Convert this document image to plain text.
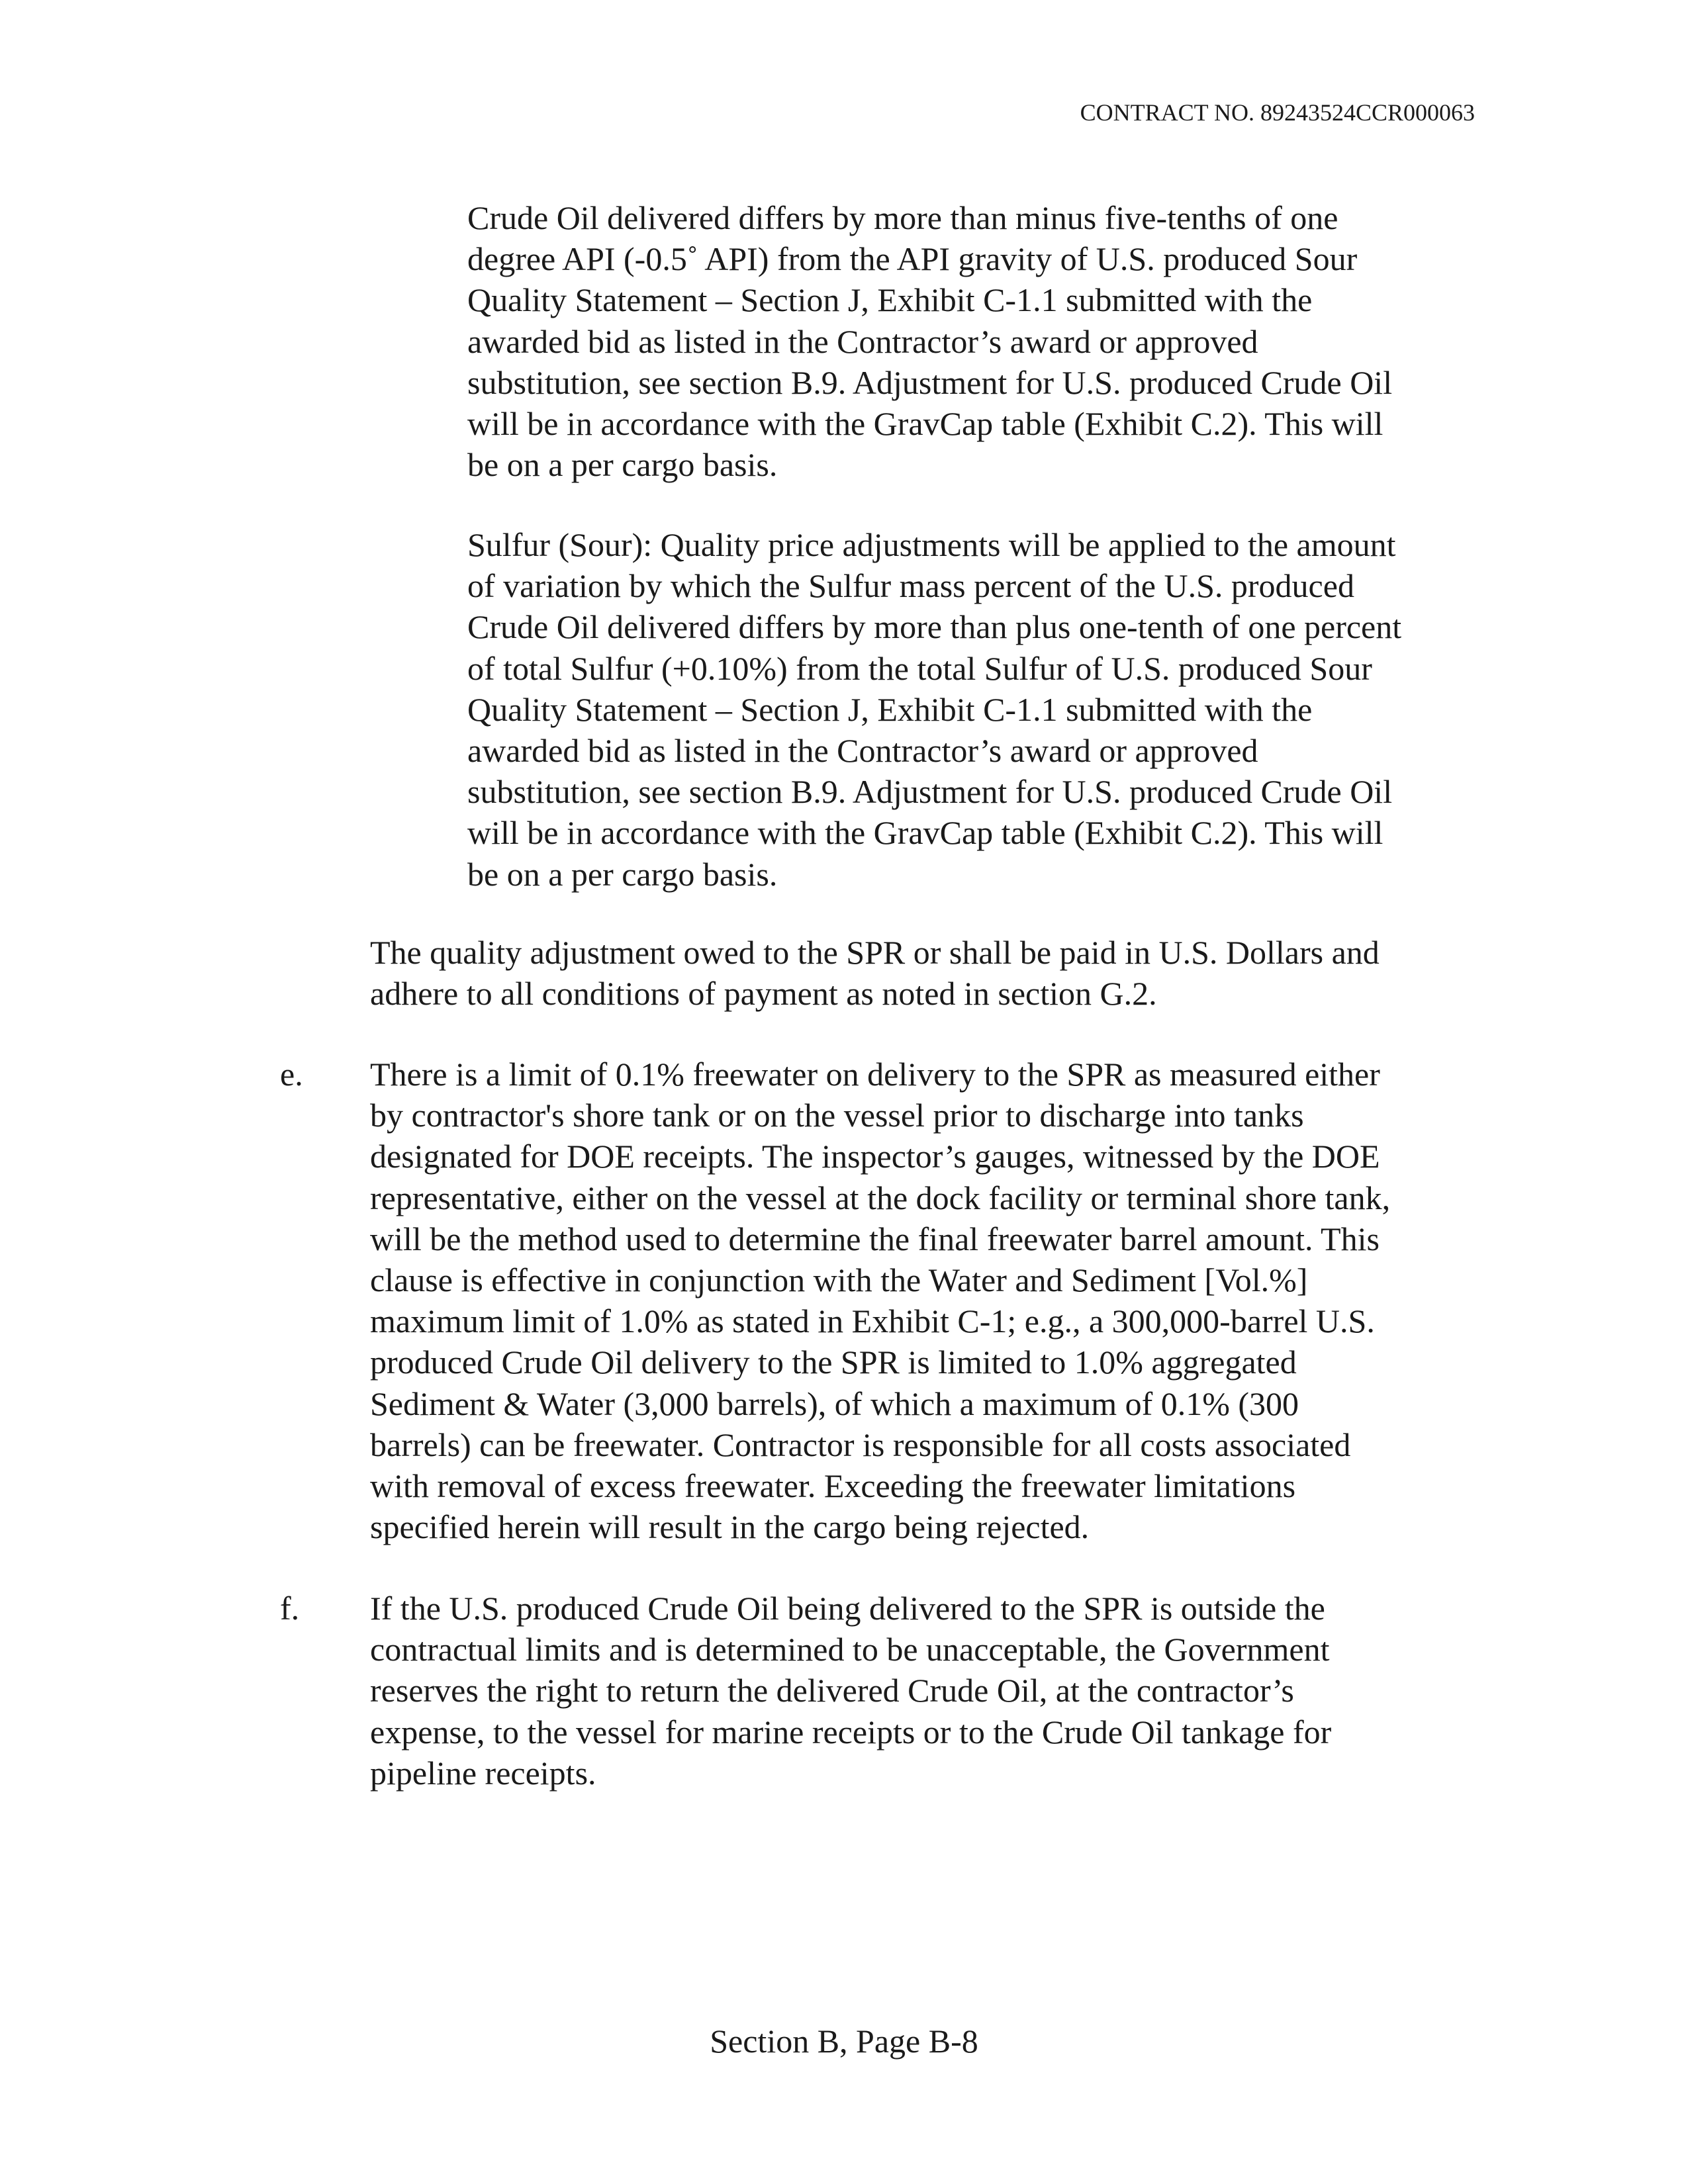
CONTRACT NO. 89243524CCR000063

Crude Oil delivered differs by more than minus five-tenths of one
degree API (-0.5˚ API) from the API gravity of U.S. produced Sour
Quality Statement – Section J, Exhibit C-1.1 submitted with the
awarded bid as listed in the Contractor’s award or approved
substitution, see section B.9. Adjustment for U.S. produced Crude Oil
will be in accordance with the GravCap table (Exhibit C.2). This will
be on a per cargo basis.

Sulfur (Sour): Quality price adjustments will be applied to the amount
of variation by which the Sulfur mass percent of the U.S. produced
Crude Oil delivered differs by more than plus one-tenth of one percent
of total Sulfur (+0.10%) from the total Sulfur of U.S. produced Sour
Quality Statement – Section J, Exhibit C-1.1 submitted with the
awarded bid as listed in the Contractor’s award or approved
substitution, see section B.9. Adjustment for U.S. produced Crude Oil
will be in accordance with the GravCap table (Exhibit C.2). This will
be on a per cargo basis.

The quality adjustment owed to the SPR or shall be paid in U.S. Dollars and
adhere to all conditions of payment as noted in section G.2.

e. There is a limit of 0.1% freewater on delivery to the SPR as measured either
by contractor's shore tank or on the vessel prior to discharge into tanks
designated for DOE receipts. The inspector’s gauges, witnessed by the DOE
representative, either on the vessel at the dock facility or terminal shore tank,
will be the method used to determine the final freewater barrel amount. This
clause is effective in conjunction with the Water and Sediment [Vol.%]
maximum limit of 1.0% as stated in Exhibit C-1; e.g., a 300,000-barrel U.S.
produced Crude Oil delivery to the SPR is limited to 1.0% aggregated
Sediment & Water (3,000 barrels), of which a maximum of 0.1% (300
barrels) can be freewater. Contractor is responsible for all costs associated
with removal of excess freewater. Exceeding the freewater limitations
specified herein will result in the cargo being rejected.

f. If the U.S. produced Crude Oil being delivered to the SPR is outside the
contractual limits and is determined to be unacceptable, the Government
reserves the right to return the delivered Crude Oil, at the contractor’s
expense, to the vessel for marine receipts or to the Crude Oil tankage for
pipeline receipts.

Section B, Page B-8
